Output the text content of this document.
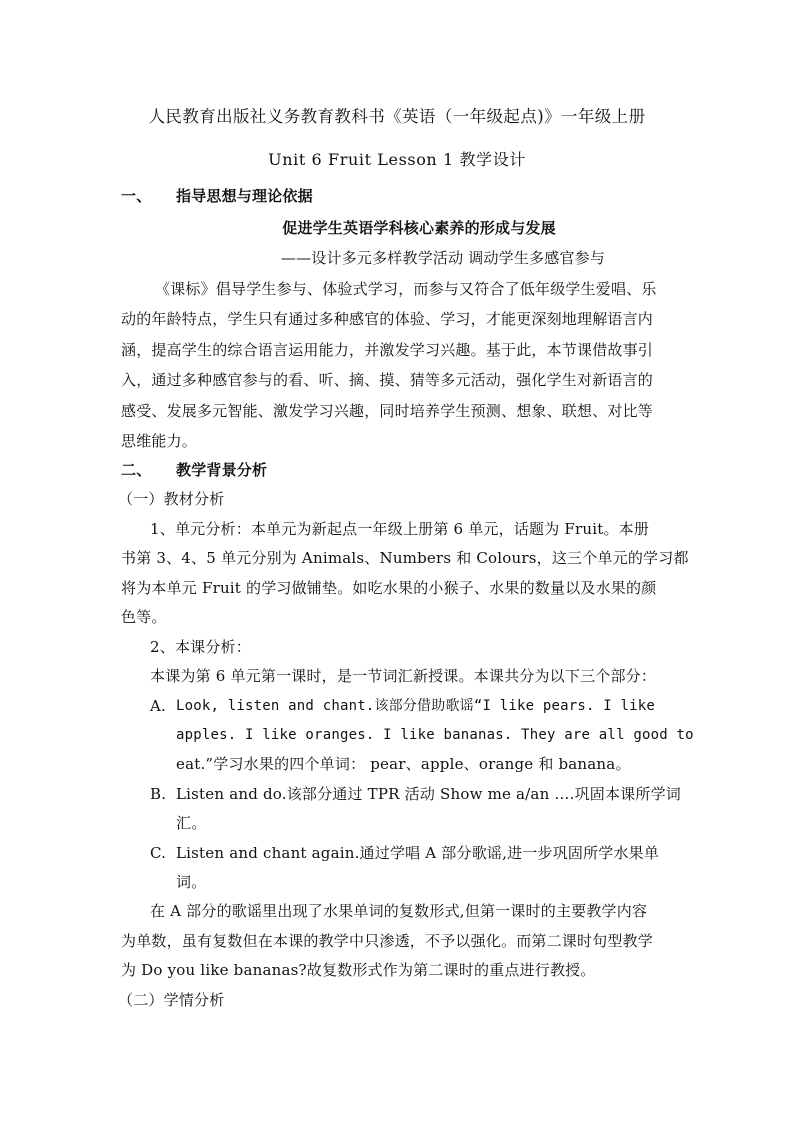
人民教育出版社义务教育教科书《英语（一年级起点)》一年级上册
Unit 6 Fruit Lesson 1 教学设计
一、 指导思想与理论依据
促进学生英语学科核心素养的形成与发展
——设计多元多样教学活动 调动学生多感官参与
《课标》倡导学生参与、体验式学习，而参与又符合了低年级学生爱唱、乐
动的年龄特点，学生只有通过多种感官的体验、学习，才能更深刻地理解语言内
涵，提高学生的综合语言运用能力，并激发学习兴趣。基于此，本节课借故事引
入，通过多种感官参与的看、听、摘、摸、猜等多元活动，强化学生对新语言的
感受、发展多元智能、激发学习兴趣，同时培养学生预测、想象、联想、对比等
思维能力。
二、 教学背景分析
（一）教材分析
1、单元分析：本单元为新起点一年级上册第 6 单元，话题为 Fruit。本册
书第 3、4、5 单元分别为 Animals、Numbers 和 Colours，这三个单元的学习都
将为本单元 Fruit 的学习做铺垫。如吃水果的小猴子、水果的数量以及水果的颜
色等。
2、本课分析：
本课为第 6 单元第一课时，是一节词汇新授课。本课共分为以下三个部分：
A. Look, listen and chant.该部分借助歌谣“I like pears. I like
apples. I like oranges. I like bananas. They are all good to
eat.”学习水果的四个单词： pear、apple、orange 和 banana。
B. Listen and do.该部分通过 TPR 活动 Show me a/an ….巩固本课所学词
汇。
C. Listen and chant again.通过学唱 A 部分歌谣,进一步巩固所学水果单
词。
在 A 部分的歌谣里出现了水果单词的复数形式,但第一课时的主要教学内容
为单数，虽有复数但在本课的教学中只渗透，不予以强化。而第二课时句型教学
为 Do you like bananas?故复数形式作为第二课时的重点进行教授。
（二）学情分析
